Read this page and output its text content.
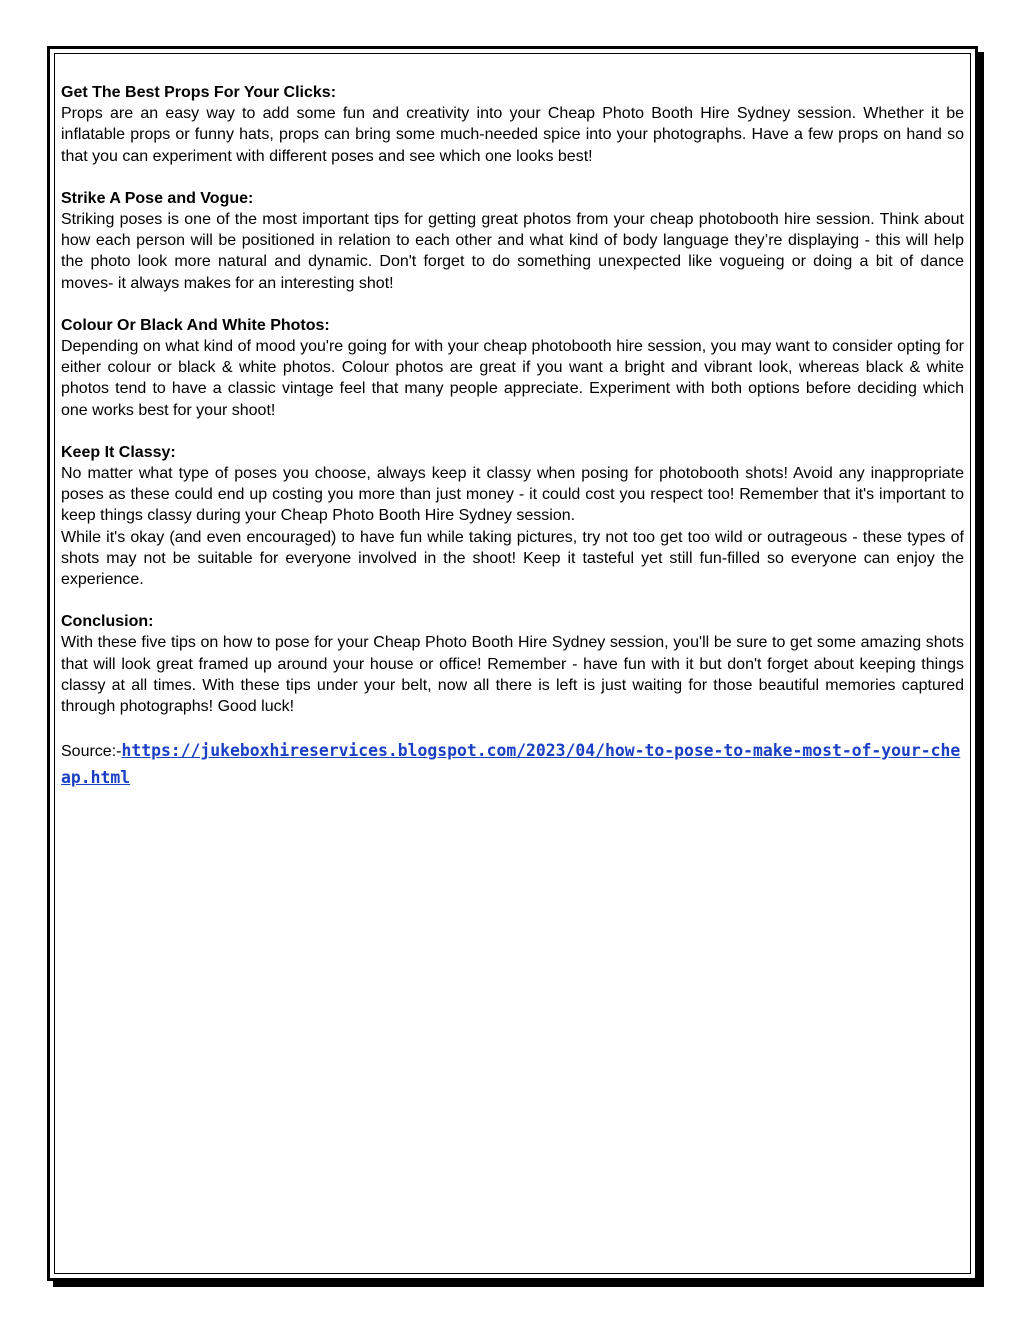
Get The Best Props For Your Clicks:

Props are an easy way to add some fun and creativity into your Cheap Photo Booth Hire Sydney session. Whether it be inflatable props or funny hats, props can bring some much-needed spice into your photographs. Have a few props on hand so that you can experiment with different poses and see which one looks best!

Strike A Pose and Vogue:

Striking poses is one of the most important tips for getting great photos from your cheap photobooth hire session. Think about how each person will be positioned in relation to each other and what kind of body language they’re displaying - this will help the photo look more natural and dynamic. Don't forget to do something unexpected like vogueing or doing a bit of dance moves- it always makes for an interesting shot!

Colour Or Black And White Photos:

Depending on what kind of mood you're going for with your cheap photobooth hire session, you may want to consider opting for either colour or black & white photos. Colour photos are great if you want a bright and vibrant look, whereas black & white photos tend to have a classic vintage feel that many people appreciate. Experiment with both options before deciding which one works best for your shoot!

Keep It Classy:

No matter what type of poses you choose, always keep it classy when posing for photobooth shots! Avoid any inappropriate poses as these could end up costing you more than just money - it could cost you respect too! Remember that it's important to keep things classy during your Cheap Photo Booth Hire Sydney session.

While it's okay (and even encouraged) to have fun while taking pictures, try not too get too wild or outrageous - these types of shots may not be suitable for everyone involved in the shoot! Keep it tasteful yet still fun-filled so everyone can enjoy the experience.

Conclusion:

With these five tips on how to pose for your Cheap Photo Booth Hire Sydney session, you'll be sure to get some amazing shots that will look great framed up around your house or office! Remember - have fun with it but don't forget about keeping things classy at all times. With these tips under your belt, now all there is left is just waiting for those beautiful memories captured through photographs! Good luck!

Source:-https://jukeboxhireservices.blogspot.com/2023/04/how-to-pose-to-make-most-of-your-cheap.html
